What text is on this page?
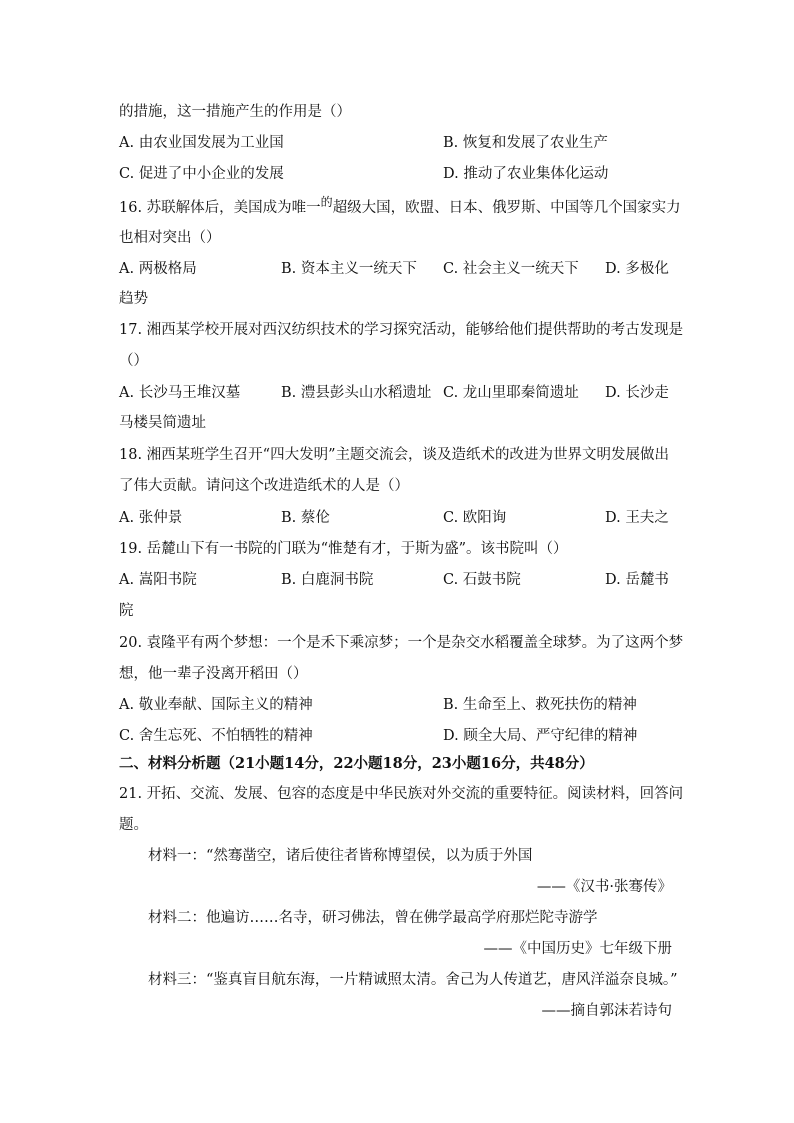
的措施，这一措施产生的作用是（）
A. 由农业国发展为工业国	B. 恢复和发展了农业生产
C. 促进了中小企业的发展	D. 推动了农业集体化运动
16. 苏联解体后，美国成为唯一$^的$超级大国，欧盟、日本、俄罗斯、中国等几个国家实力
也相对突出（）
A. 两极格局	B. 资本主义一统天下 C. 社会主义一统天下 D. 多极化
趋势
17. 湘西某学校开展对西汉纺织技术的学习探究活动，能够给他们提供帮助的考古发现是
（）
A. 长沙马王堆汉墓	B. 澧县彭头山水稻遗址 C. 龙山里耶秦简遗址 D. 长沙走
马楼吴简遗址
18. 湘西某班学生召开“四大发明”主题交流会，谈及造纸术的改进为世界文明发展做出
了伟大贡献。请问这个改进造纸术的人是（）
A. 张仲景	B. 蔡伦	C. 欧阳询	D. 王夫之
19. 岳麓山下有一书院的门联为“惟楚有才，于斯为盛”。该书院叫（）
A. 嵩阳书院	B. 白鹿洞书院	C. 石鼓书院	D. 岳麓书
院
20. 袁隆平有两个梦想：一个是禾下乘凉梦；一个是杂交水稻覆盖全球梦。为了这两个梦
想，他一辈子没离开稻田（）
A. 敬业奉献、国际主义的精神	B. 生命至上、救死扶伤的精神
C. 舍生忘死、不怕牺牲的精神	D. 顾全大局、严守纪律的精神
二、材料分析题（21小题14分，22小题18分，23小题16分，共48分）
21. 开拓、交流、发展、包容的态度是中华民族对外交流的重要特征。阅读材料，回答问
题。
材料一：“然骞凿空，诸后使往者皆称博望侯，以为质于外国
——《汉书·张骞传》
材料二：他遍访……名寺，研习佛法，曾在佛学最高学府那烂陀寺游学
——《中国历史》七年级下册
材料三：“鉴真盲目航东海，一片精诚照太清。舍己为人传道艺，唐风洋溢奈良城。”
——摘自郭沫若诗句
